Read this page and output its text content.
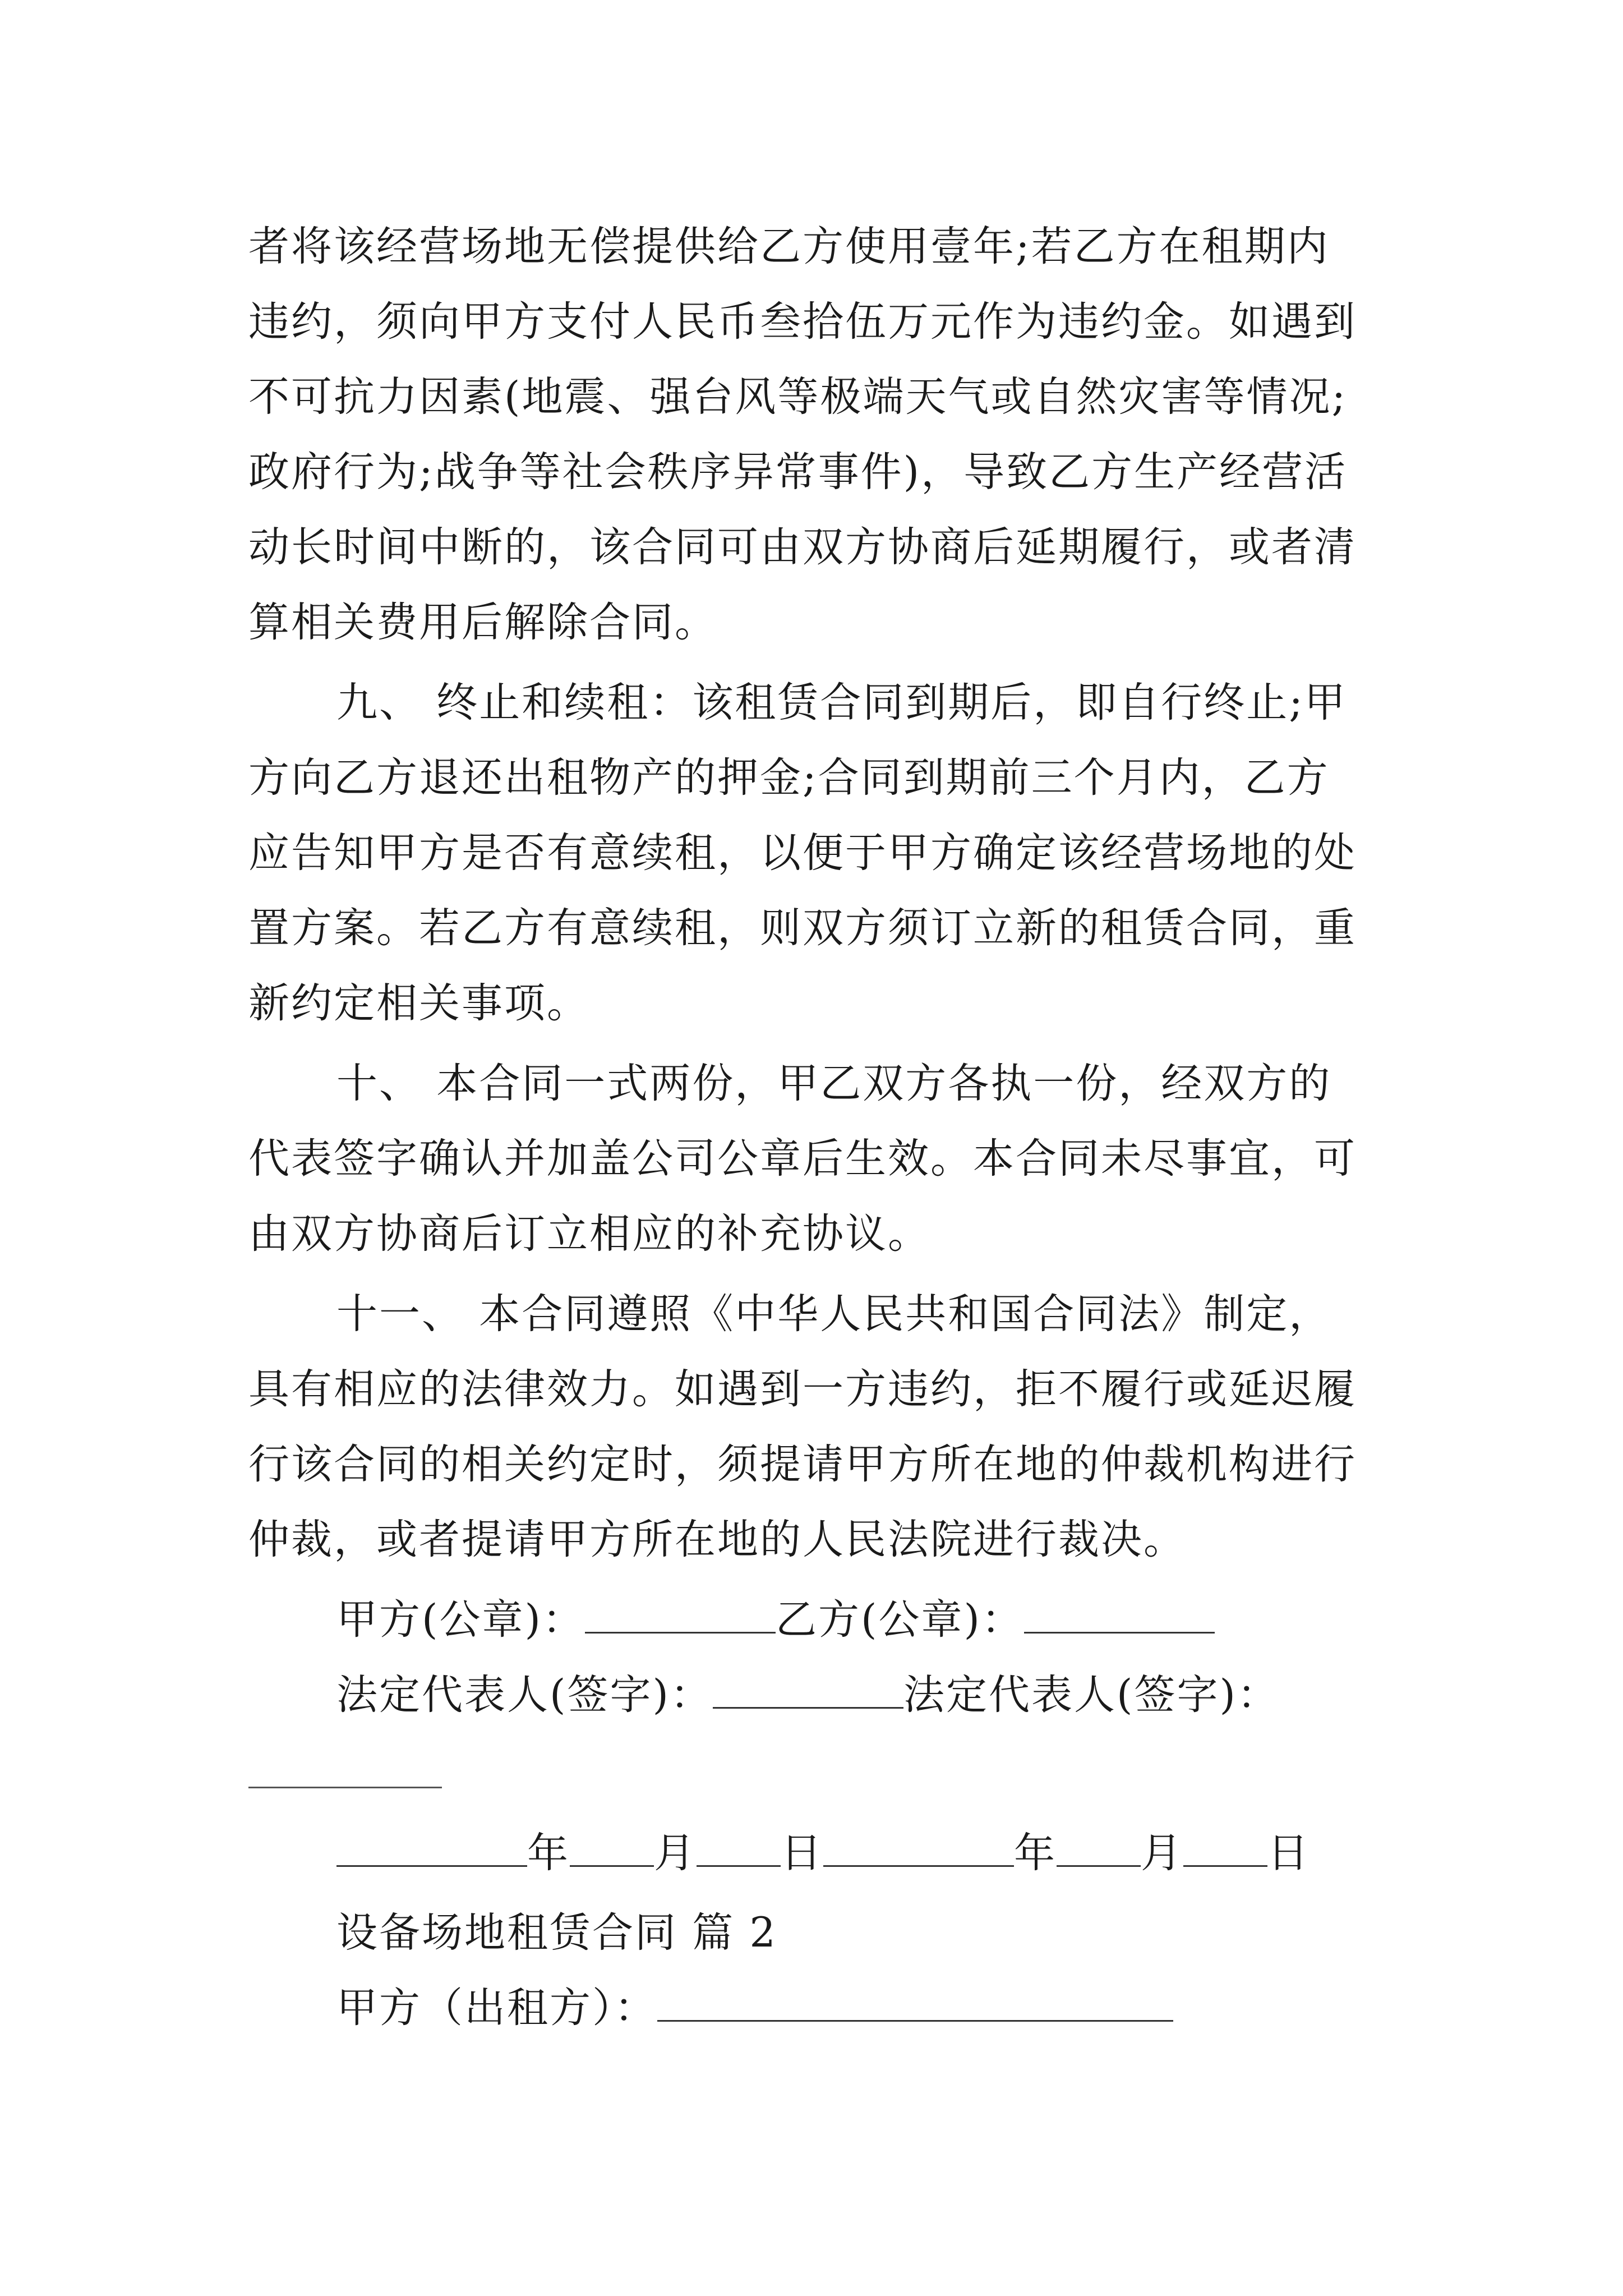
者将该经营场地无偿提供给乙方使用壹年;若乙方在租期内
违约，须向甲方支付人民币叁拾伍万元作为违约金。如遇到
不可抗力因素(地震、强台风等极端天气或自然灾害等情况;
政府行为;战争等社会秩序异常事件)，导致乙方生产经营活
动长时间中断的，该合同可由双方协商后延期履行，或者清
算相关费用后解除合同。
九、 终止和续租：该租赁合同到期后，即自行终止;甲
方向乙方退还出租物产的押金;合同到期前三个月内，乙方
应告知甲方是否有意续租，以便于甲方确定该经营场地的处
置方案。若乙方有意续租，则双方须订立新的租赁合同，重
新约定相关事项。
十、 本合同一式两份，甲乙双方各执一份，经双方的
代表签字确认并加盖公司公章后生效。本合同未尽事宜，可
由双方协商后订立相应的补充协议。
十一、 本合同遵照《中华人民共和国合同法》制定，
具有相应的法律效力。如遇到一方违约，拒不履行或延迟履
行该合同的相关约定时，须提请甲方所在地的仲裁机构进行
仲裁，或者提请甲方所在地的人民法院进行裁决。
甲方(公章)：	乙方(公章)：
法定代表人(签字)：	法定代表人(签字)：
年 月 日	年 月 日
设备场地租赁合同 篇 2
甲方（出租方）：
